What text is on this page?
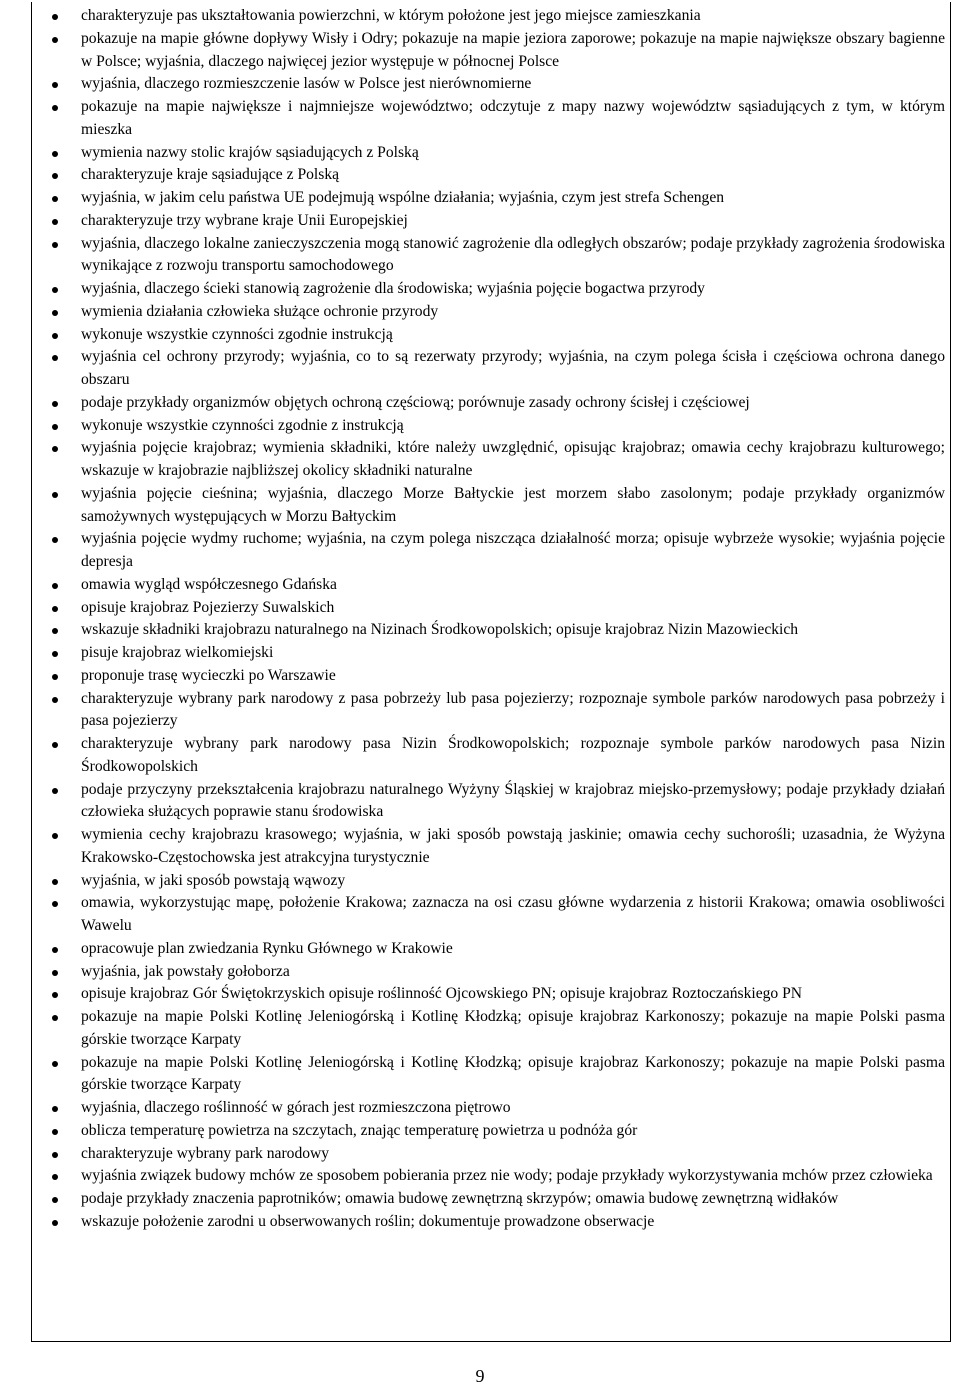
charakteryzuje pas ukształtowania powierzchni, w którym położone jest jego miejsce zamieszkania
pokazuje na mapie główne dopływy Wisły i Odry; pokazuje na mapie jeziora zaporowe; pokazuje na mapie największe obszary bagienne w Polsce; wyjaśnia, dlaczego najwięcej jezior występuje w północnej Polsce
wyjaśnia, dlaczego rozmieszczenie lasów w Polsce jest nierównomierne
pokazuje na mapie największe i najmniejsze województwo; odczytuje z mapy nazwy województw sąsiadujących z tym, w którym mieszka
wymienia nazwy stolic krajów sąsiadujących z Polską
charakteryzuje kraje sąsiadujące z Polską
wyjaśnia, w jakim celu państwa UE podejmują wspólne działania; wyjaśnia, czym jest strefa Schengen
charakteryzuje trzy wybrane kraje Unii Europejskiej
wyjaśnia, dlaczego lokalne zanieczyszczenia mogą stanowić zagrożenie dla odległych obszarów; podaje przykłady zagrożenia środowiska wynikające z rozwoju transportu samochodowego
wyjaśnia, dlaczego ścieki stanowią zagrożenie dla środowiska; wyjaśnia pojęcie bogactwa przyrody
wymienia działania człowieka służące ochronie przyrody
wykonuje wszystkie czynności zgodnie instrukcją
wyjaśnia cel ochrony przyrody; wyjaśnia, co to są rezerwaty przyrody; wyjaśnia, na czym polega ścisła i częściowa ochrona danego obszaru
podaje przykłady organizmów objętych ochroną częściową; porównuje zasady ochrony ścisłej i częściowej
wykonuje wszystkie czynności zgodnie z instrukcją
wyjaśnia pojęcie krajobraz; wymienia składniki, które należy uwzględnić, opisując krajobraz; omawia cechy krajobrazu kulturowego; wskazuje w krajobrazie najbliższej okolicy składniki naturalne
wyjaśnia pojęcie cieśnina; wyjaśnia, dlaczego Morze Bałtyckie jest morzem słabo zasolonym; podaje przykłady organizmów samożywnych występujących w Morzu Bałtyckim
wyjaśnia pojęcie wydmy ruchome; wyjaśnia, na czym polega niszcząca działalność morza; opisuje wybrzeże wysokie; wyjaśnia pojęcie depresja
omawia wygląd współczesnego Gdańska
opisuje krajobraz Pojezierzy Suwalskich
wskazuje składniki krajobrazu naturalnego na Nizinach Środkowopolskich; opisuje krajobraz Nizin Mazowieckich
pisuje krajobraz wielkomiejski
proponuje trasę wycieczki po Warszawie
charakteryzuje wybrany park narodowy z pasa pobrzeży lub pasa pojezierzy; rozpoznaje symbole parków narodowych pasa pobrzeży i pasa pojezierzy
charakteryzuje wybrany park narodowy pasa Nizin Środkowopolskich; rozpoznaje symbole parków narodowych pasa Nizin Środkowopolskich
podaje przyczyny przekształcenia krajobrazu naturalnego Wyżyny Śląskiej w krajobraz miejsko-przemysłowy; podaje przykłady działań człowieka służących poprawie stanu środowiska
wymienia cechy krajobrazu krasowego; wyjaśnia, w jaki sposób powstają jaskinie; omawia cechy suchorośli; uzasadnia, że Wyżyna Krakowsko-Częstochowska jest atrakcyjna turystycznie
wyjaśnia, w jaki sposób powstają wąwozy
omawia, wykorzystując mapę, położenie Krakowa; zaznacza na osi czasu główne wydarzenia z historii Krakowa; omawia osobliwości Wawelu
opracowuje plan zwiedzania Rynku Głównego w Krakowie
wyjaśnia, jak powstały gołoborza
opisuje krajobraz Gór Świętokrzyskich opisuje roślinność Ojcowskiego PN; opisuje krajobraz Roztoczańskiego PN
pokazuje na mapie Polski Kotlinę Jeleniogórską i Kotlinę Kłodzką; opisuje krajobraz Karkonoszy; pokazuje na mapie Polski pasma górskie tworzące Karpaty
pokazuje na mapie Polski Kotlinę Jeleniogórską i Kotlinę Kłodzką; opisuje krajobraz Karkonoszy; pokazuje na mapie Polski pasma górskie tworzące Karpaty
wyjaśnia, dlaczego roślinność w górach jest rozmieszczona piętrowo
oblicza temperaturę powietrza na szczytach, znając temperaturę powietrza u podnóża gór
charakteryzuje wybrany park narodowy
wyjaśnia związek budowy mchów ze sposobem pobierania przez nie wody; podaje przykłady wykorzystywania mchów przez człowieka
podaje przykłady znaczenia paprotników; omawia budowę zewnętrzną skrzypów; omawia budowę zewnętrzną widłaków
wskazuje położenie zarodni u obserwowanych roślin; dokumentuje prowadzone obserwacje
9
